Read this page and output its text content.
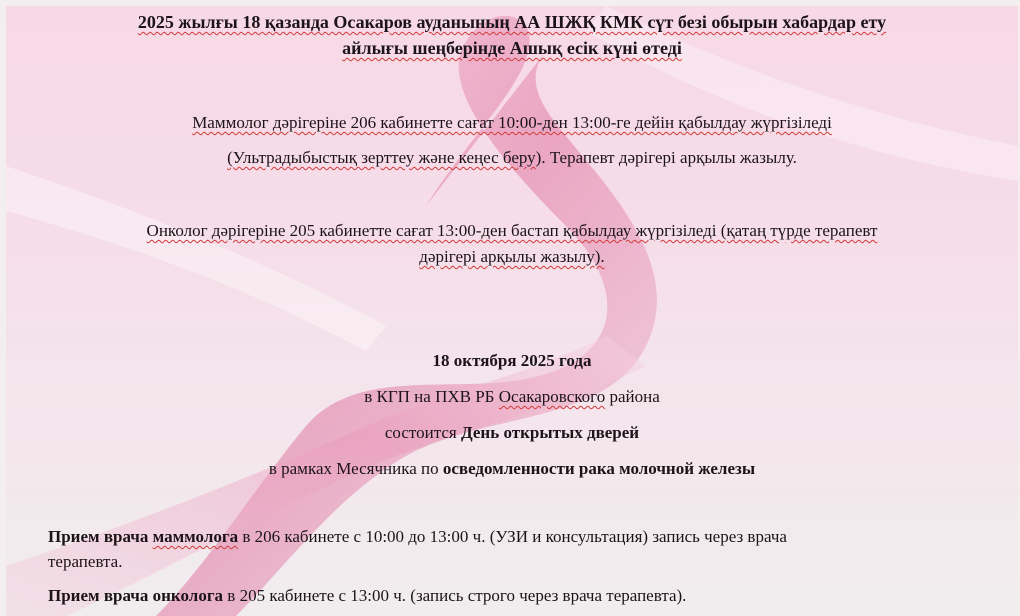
2025 жылғы 18 қазанда Осакаров ауданының АА ШЖҚ КМК сүт безі обырын хабардар ету
айлығы шеңберінде Ашық есік күні өтеді
Маммолог дәрігеріне 206 кабинетте сағат 10:00-ден 13:00-ге дейін қабылдау жүргізіледі
(Ультрадыбыстық зерттеу және кеңес беру). Терапевт дәрігері арқылы жазылу.
Онколог дәрігеріне 205 кабинетте сағат 13:00-ден бастап қабылдау жүргізіледі (қатаң түрде терапевт
дәрігері арқылы жазылу).
18 октября 2025 года
в КГП на ПХВ РБ Осакаровского района
состоится День открытых дверей
в рамках Месячника по осведомленности рака молочной железы
Прием врача маммолога в 206 кабинете с 10:00 до 13:00 ч. (УЗИ и консультация) запись через врача
терапевта.
Прием врача онколога в 205 кабинете с 13:00 ч. (запись строго через врача терапевта).
